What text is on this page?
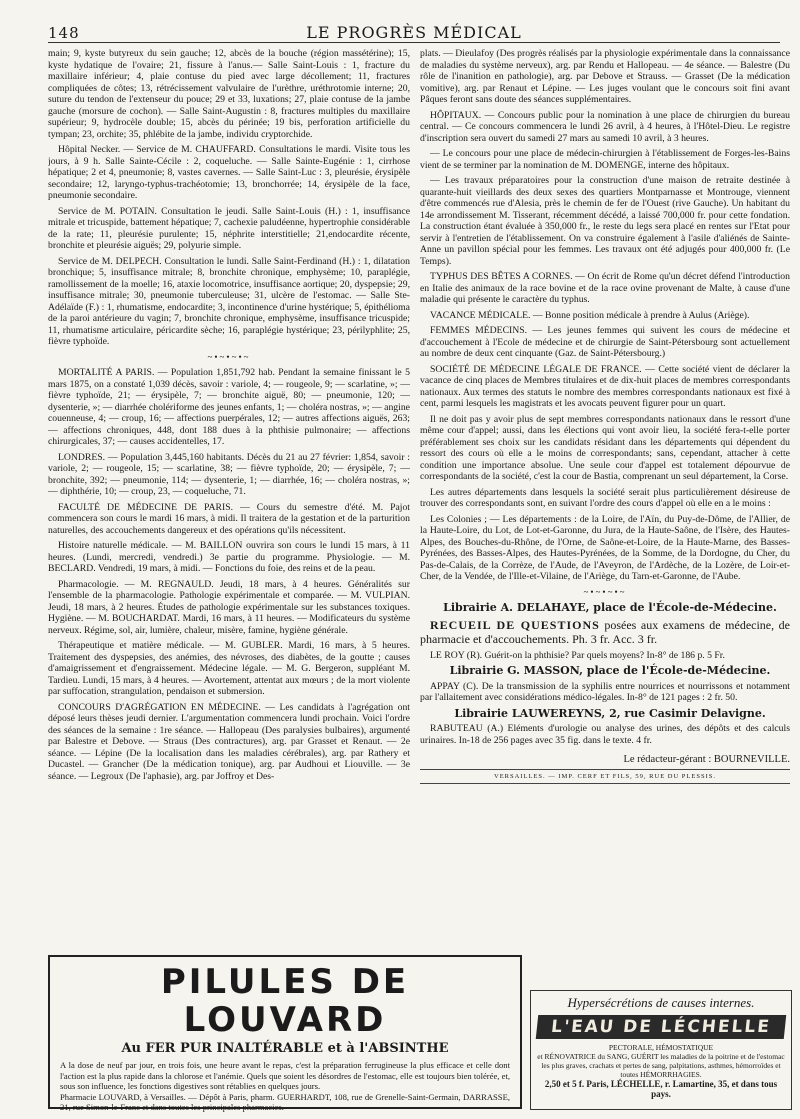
148	LE PROGRÈS MÉDICAL

main; 9, kyste butyreux du sein gauche; 12, abcès de la bouche (région massétérine); 15, kyste hydatique de l'ovaire; 21, fissure à l'anus.— Salle Saint-Louis : 1, fracture du maxillaire inférieur; 4, plaie contuse du pied avec large décollement; 11, fractures compliquées de côtes; 13, rétrécissement valvulaire de l'urèthre, uréthrotomie interne; 20, suture du tendon de l'extenseur du pouce; 29 et 33, luxations; 27, plaie contuse de la jambe gauche (morsure de cochon). — Salle Saint-Augustin : 8, fractures multiples du maxillaire supérieur; 9, hydrocèle double; 15, abcès du périnée; 19 bis, perforation artificielle du tympan; 23, orchite; 35, phlébite de la jambe, individu cryptorchide.

Hôpital Necker. — Service de M. CHAUFFARD. Consultations le mardi. Visite tous les jours, à 9 h. Salle Sainte-Cécile : 2, coqueluche. — Salle Sainte-Eugénie : 1, cirrhose hépatique; 2 et 4, pneumonie; 8, vastes cavernes. — Salle Saint-Luc : 3, pleurésie, érysipèle secondaire; 12, laryngo-typhus-trachéotomie; 13, bronchorrée; 14, érysipèle de la face, pneumonie secondaire.

Service de M. POTAIN. Consultation le jeudi. Salle Saint-Louis (H.) : 1, insuffisance mitrale et tricuspide, battement hépatique; 7, cachexie paludéenne, hypertrophie considérable de la rate; 11, pleurésie purulente; 15, néphrite interstitielle; 21,endocardite récente, bronchite et pleurésie aiguës; 29, polyurie simple.

Service de M. DELPECH. Consultation le lundi. Salle Saint-Ferdinand (H.) : 1, dilatation bronchique; 5, insuffisance mitrale; 8, bronchite chronique, emphysème; 10, paraplégie, ramollissement de la moelle; 16, ataxie locomotrice, insuffisance aortique; 20, dyspepsie; 29, insuffisance mitrale; 30, pneumonie tuberculeuse; 31, ulcère de l'estomac. — Salle Ste-Adélaïde (F.) : 1, rhumatisme, endocardite; 3, incontinence d'urine hystérique; 5, épithélioma de la paroi antérieure du vagin; 7, bronchite chronique, emphysème, insuffisance tricuspide; 11, rhumatisme articulaire, péricardite sèche; 16, paraplégie hystérique; 23, périlyphlite; 25, fièvre typhoïde.

~•~•~•~

MORTALITÉ A PARIS. — Population 1,851,792 hab. Pendant la semaine finissant le 5 mars 1875, on a constaté 1,039 décès, savoir : variole, 4; — rougeole, 9; — scarlatine, »; — fièvre typhoïde, 21; — érysipèle, 7; — bronchite aiguë, 80; — pneumonie, 120; — dysenterie, »; — diarrhée cholériforme des jeunes enfants, 1; — choléra nostras, »; — angine couenneuse, 4; — croup, 16; — affections puerpérales, 12; — autres affections aiguës, 263; — affections chroniques, 448, dont 188 dues à la phthisie pulmonaire; — affections chirurgicales, 37; — causes accidentelles, 17.

LONDRES. — Population 3,445,160 habitants. Décès du 21 au 27 février: 1,854, savoir : variole, 2; — rougeole, 15; — scarlatine, 38; — fièvre typhoïde, 20; — érysipèle, 7; — bronchite, 392; — pneumonie, 114; — dysenterie, 1; — diarrhée, 16; — choléra nostras, »; — diphthérie, 10; — croup, 23, — coqueluche, 71.

FACULTÉ DE MÉDECINE DE PARIS. — Cours du semestre d'été. M. Pajot commencera son cours le mardi 16 mars, à midi. Il traitera de la gestation et de la parturition naturelles, des accouchements dangereux et des opérations qu'ils nécessitent.

Histoire naturelle médicale. — M. BAILLON ouvrira son cours le lundi 15 mars, à 11 heures. (Lundi, mercredi, vendredi.) 3e partie du programme. Physiologie. — M. BECLARD. Vendredi, 19 mars, à midi. — Fonctions du foie, des reins et de la peau.

Pharmacologie. — M. REGNAULD. Jeudi, 18 mars, à 4 heures. Généralités sur l'ensemble de la pharmacologie. Pathologie expérimentale et comparée. — M. VULPIAN. Jeudi, 18 mars, à 2 heures. Études de pathologie expérimentale sur les substances toxiques. Hygiène. — M. BOUCHARDAT. Mardi, 16 mars, à 11 heures. — Modificateurs du système nerveux. Régime, sol, air, lumière, chaleur, misère, famine, hygiène générale.

Thérapeutique et matière médicale. — M. GUBLER. Mardi, 16 mars, à 5 heures. Traitement des dyspepsies, des anémies, des névroses, des diabètes, de la goutte ; causes d'amaigrissement et d'engraissement. Médecine légale. — M. G. Bergeron, suppléant M. Tardieu. Lundi, 15 mars, à 4 heures. — Avortement, attentat aux mœurs ; de la mort violente par suffocation, strangulation, pendaison et submersion.

CONCOURS D'AGRÉGATION EN MÉDECINE. — Les candidats à l'agrégation ont déposé leurs thèses jeudi dernier. L'argumentation commencera lundi prochain. Voici l'ordre des séances de la semaine : 1re séance. — Hallopeau (Des paralysies bulbaires), argumenté par Balestre et Debove. — Straus (Des contractures), arg. par Grasset et Renaut. — 2e séance. — Lépine (De la localisation dans les maladies cérébrales), arg. par Rathery et Ducastel. — Grancher (De la médication tonique), arg. par Audhoui et Liouville. — 3e séance. — Legroux (De l'aphasie), arg. par Joffroy et Des-

plats. — Dieulafoy (Des progrès réalisés par la physiologie expérimentale dans la connaissance de maladies du système nerveux), arg. par Rendu et Hallopeau. — 4e séance. — Balestre (Du rôle de l'inanition en pathologie), arg. par Debove et Strauss. — Grasset (De la médication vomitive), arg. par Renaut et Lépine. — Les juges voulant que le concours soit fini avant Pâques feront sans doute des séances supplémentaires.

HÔPITAUX. — Concours public pour la nomination à une place de chirurgien du bureau central. — Ce concours commencera le lundi 26 avril, à 4 heures, à l'Hôtel-Dieu. Le registre d'inscription sera ouvert du samedi 27 mars au samedi 10 avril, à 3 heures.

— Le concours pour une place de médecin-chirurgien à l'établissement de Forges-les-Bains vient de se terminer par la nomination de M. DOMENGE, interne des hôpitaux.

— Les travaux préparatoires pour la construction d'une maison de retraite destinée à quarante-huit vieillards des deux sexes des quartiers Montparnasse et Montrouge, viennent d'être commencés rue d'Alesia, près le chemin de fer de l'Ouest (rive Gauche). Un habitant du 14e arrondissement M. Tisserant, récemment décédé, a laissé 700,000 fr. pour cette fondation. La construction étant évaluée à 350,000 fr., le reste du legs sera placé en rentes sur l'Etat pour servir à l'entretien de l'établissement. On va construire également à l'asile d'aliénés de Sainte-Anne un pavillon spécial pour les femmes. Les travaux ont été adjugés pour 400,000 fr. (Le Temps).

TYPHUS DES BÊTES A CORNES. — On écrit de Rome qu'un décret défend l'introduction en Italie des animaux de la race bovine et de la race ovine provenant de Malte, à cause d'une maladie qui présente le caractère du typhus.

VACANCE MÉDICALE. — Bonne position médicale à prendre à Aulus (Ariège).

FEMMES MÉDECINS. — Les jeunes femmes qui suivent les cours de médecine et d'accouchement à l'Ecole de médecine et de chirurgie de Saint-Pétersbourg sont actuellement au nombre de deux cent cinquante (Gaz. de Saint-Pétersbourg.)

SOCIÉTÉ DE MÉDECINE LÉGALE DE FRANCE. — Cette société vient de déclarer la vacance de cinq places de Membres titulaires et de dix-huit places de membres correspondants nationaux. Aux termes des statuts le nombre des membres correspondants nationaux est fixé à cent, parmi lesquels les magistrats et les avocats peuvent figurer pour un quart.

Il ne doit pas y avoir plus de sept membres correspondants nationaux dans le ressort d'une même cour d'appel; aussi, dans les élections qui vont avoir lieu, la société fera-t-elle porter préférablement ses choix sur les candidats résidant dans les départements qui dépendent du ressort des cours où elle a le moins de correspondants; sans, cependant, attacher à cette condition une importance absolue. Une seule cour d'appel est totalement dépourvue de correspondants de la société, c'est la cour de Bastia, comprenant un seul département, la Corse.

Les autres départements dans lesquels la société serait plus particulièrement désireuse de trouver des correspondants sont, en suivant l'ordre des cours d'appel où elle en a le moins :

Les Colonies ; — Les départements : de la Loire, de l'Aïn, du Puy-de-Dôme, de l'Allier, de la Haute-Loire, du Lot, de Lot-et-Garonne, du Jura, de la Haute-Saône, de l'Isère, des Hautes-Alpes, des Bouches-du-Rhône, de l'Orne, de Saône-et-Loire, de la Haute-Marne, des Basses-Pyrénées, des Basses-Alpes, des Hautes-Pyrénées, de la Somme, de la Dordogne, du Cher, du Pas-de-Calais, de la Corrèze, de l'Aude, de l'Aveyron, de l'Ardèche, de la Lozère, de Loir-et-Cher, de la Vendée, de l'Ille-et-Vilaine, de l'Ariège, du Tarn-et-Garonne, de l'Aube.

~•~•~•~

Librairie A. DELAHAYE, place de l'École-de-Médecine.

RECUEIL DE QUESTIONS posées aux examens de médecine, de pharmacie et d'accouchements. Ph. 3 fr. Acc. 3 fr.

LE ROY (R). Guérit-on la phthisie? Par quels moyens? In-8° de 186 p. 5 Fr.

Librairie G. MASSON, place de l'École-de-Médecine.

APPAY (C). De la transmission de la syphilis entre nourrices et nourrissons et notamment par l'allaitement avec considérations médico-légales. In-8° de 121 pages : 2 fr. 50.

Librairie LAUWEREYNS, 2, rue Casimir Delavigne.

RABUTEAU (A.) Eléments d'urologie ou analyse des urines, des dépôts et des calculs urinaires. In-18 de 256 pages avec 35 fig. dans le texte. 4 fr.

Le rédacteur-gérant : BOURNEVILLE.
VERSAILLES. — IMP. CERF ET FILS, 59, RUE DU PLESSIS.
PILULES DE LOUVARD
Au FER PUR INALTÉRABLE et à l'ABSINTHE
A la dose de neuf par jour, en trois fois, une heure avant le repas, c'est la préparation ferrugineuse la plus efficace et celle dont l'action est la plus rapide dans la chlorose et l'anémie. Quels que soient les désordres de l'estomac, elle est toujours bien tolérée, et, sous son influence, les fonctions digestives sont rétablies en quelques jours.
Pharmacie LOUVARD, à Versailles. — Dépôt à Paris, pharm. GUERHARDT, 108, rue de Grenelle-Saint-Germain, DARRASSE, 21, rue Simon-le-Franc et dans toutes les principales pharmacies.
Hypersécrétions de causes internes.
L'EAU DE LÉCHELLE
PECTORALE, HÉMOSTATIQUE
et RÉNOVATRICE du SANG, GUÉRIT les maladies de la poitrine et de l'estomac les plus graves, crachats et pertes de sang, palpitations, asthmes, hémorroïdes et toutes HÉMORRHAGIES.
2,50 et 5 f. Paris, LÉCHELLE, r. Lamartine, 35, et dans tous pays.
